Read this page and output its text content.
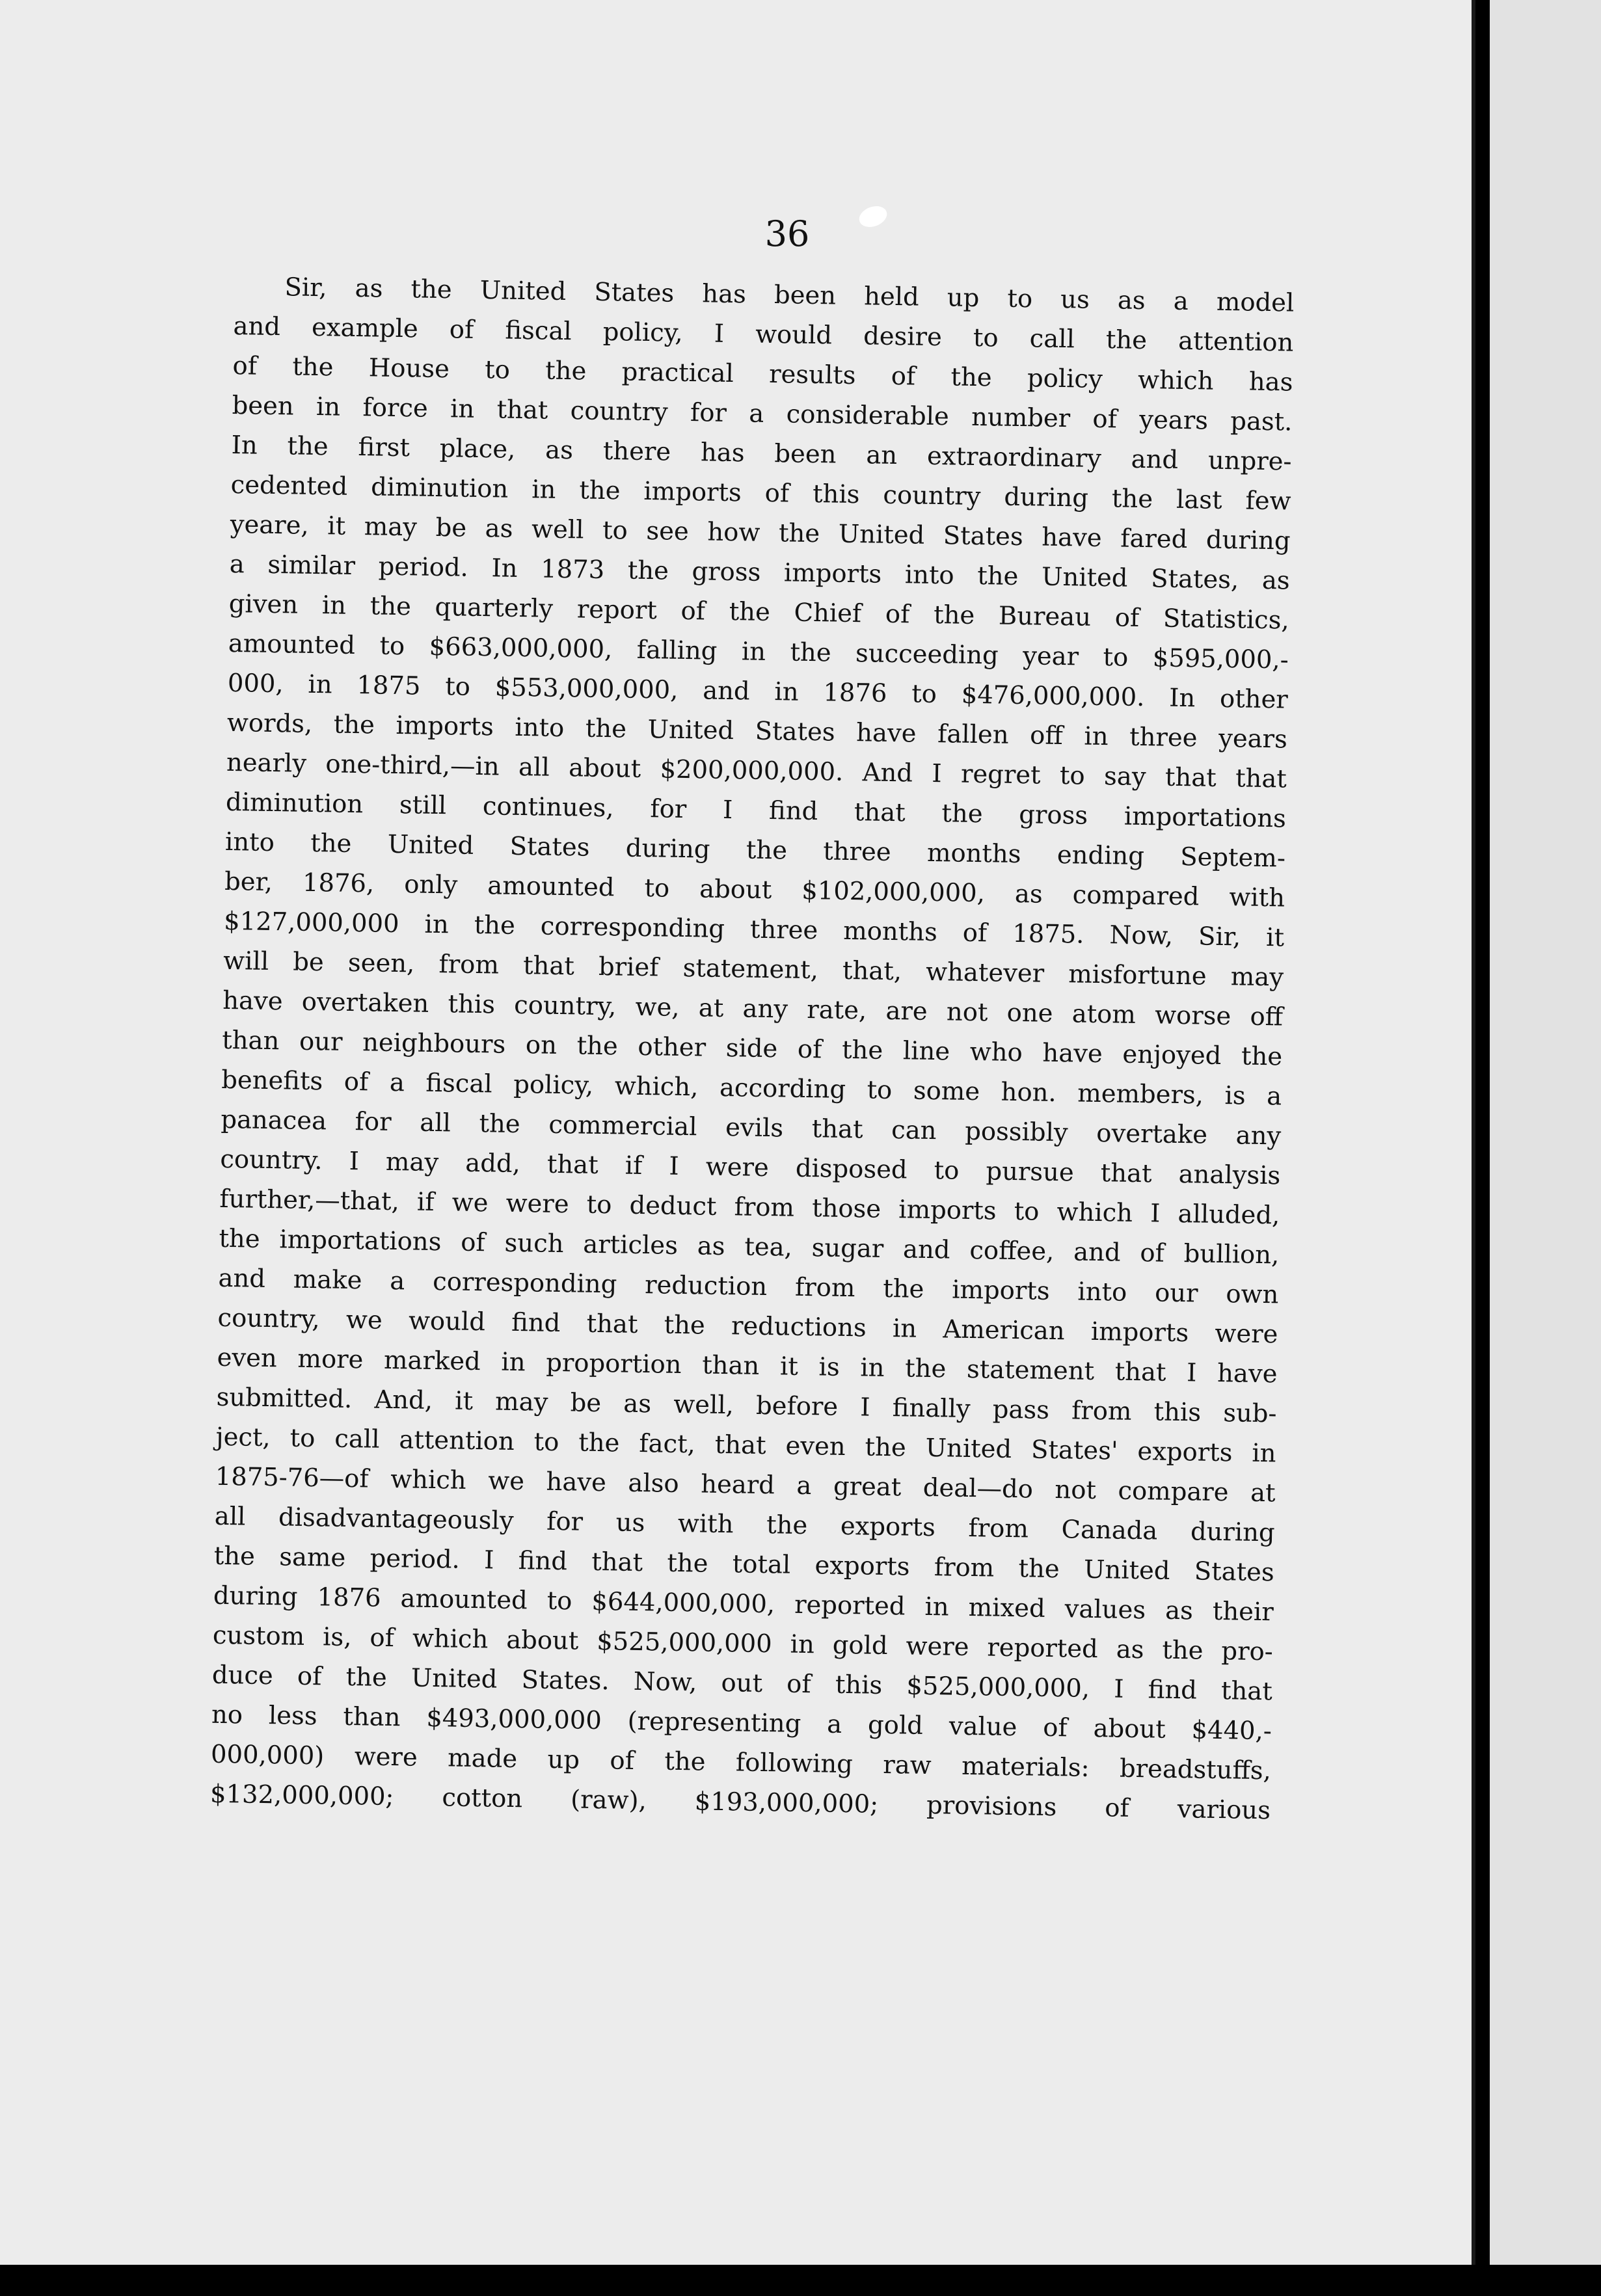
36
Sir, as the United States has been held up to us as a model
and example of fiscal policy, I would desire to call the attention
of the House to the practical results of the policy which has
been in force in that country for a considerable number of years past.
In the first place, as there has been an extraordinary and unpre-
cedented diminution in the imports of this country during the last few
yeare, it may be as well to see how the United States have fared during
a similar period. In 1873 the gross imports into the United States, as
given in the quarterly report of the Chief of the Bureau of Statistics,
amounted to $663,000,000, falling in the succeeding year to $595,000,-
000, in 1875 to $553,000,000, and in 1876 to $476,000,000. In other
words, the imports into the United States have fallen off in three years
nearly one-third,—in all about $200,000,000. And I regret to say that that
diminution still continues, for I find that the gross importations
into the United States during the three months ending Septem-
ber, 1876, only amounted to about $102,000,000, as compared with
$127,000,000 in the corresponding three months of 1875. Now, Sir, it
will be seen, from that brief statement, that, whatever misfortune may
have overtaken this country, we, at any rate, are not one atom worse off
than our neighbours on the other side of the line who have enjoyed the
benefits of a fiscal policy, which, according to some hon. members, is a
panacea for all the commercial evils that can possibly overtake any
country. I may add, that if I were disposed to pursue that analysis
further,—that, if we were to deduct from those imports to which I alluded,
the importations of such articles as tea, sugar and coffee, and of bullion,
and make a corresponding reduction from the imports into our own
country, we would find that the reductions in American imports were
even more marked in proportion than it is in the statement that I have
submitted. And, it may be as well, before I finally pass from this sub-
ject, to call attention to the fact, that even the United States' exports in
1875-76—of which we have also heard a great deal—do not compare at
all disadvantageously for us with the exports from Canada during
the same period. I find that the total exports from the United States
during 1876 amounted to $644,000,000, reported in mixed values as their
custom is, of which about $525,000,000 in gold were reported as the pro-
duce of the United States. Now, out of this $525,000,000, I find that
no less than $493,000,000 (representing a gold value of about $440,-
000,000) were made up of the following raw materials: breadstuffs,
$132,000,000; cotton (raw), $193,000,000; provisions of various
